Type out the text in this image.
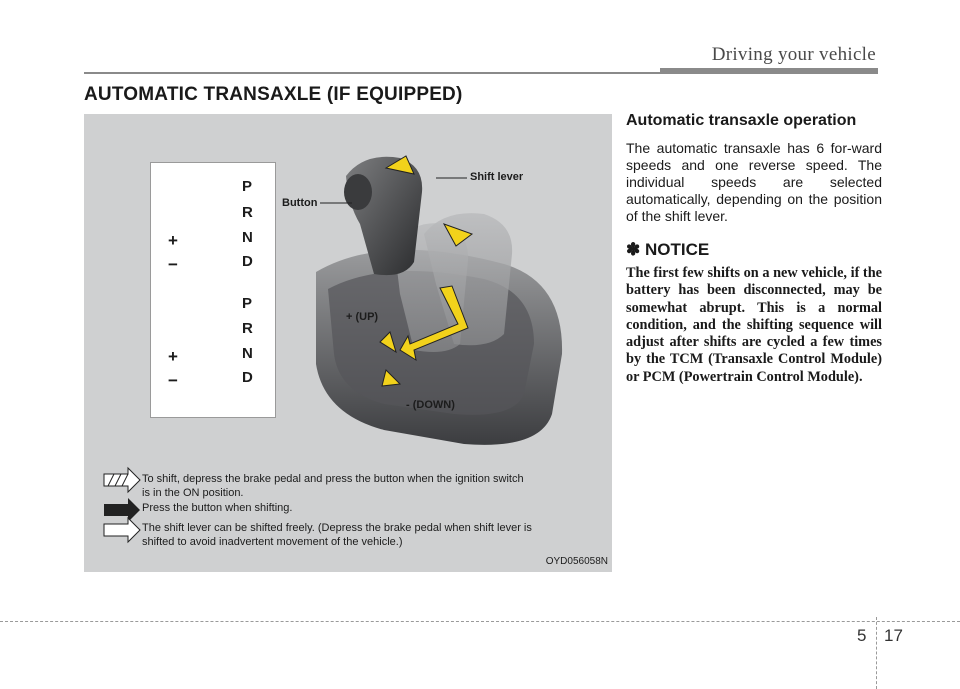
Driving your vehicle
AUTOMATIC TRANSAXLE (IF EQUIPPED)
P
R
N
D
P
R
N
D
+
−
+
−
Shift lever
Button
+ (UP)
- (DOWN)
To shift, depress the brake pedal and press the button when the ignition switch
is in the ON position.
Press the button when shifting.
The shift lever can be shifted freely. (Depress the brake pedal when shift lever is
shifted to avoid inadvertent movement of the vehicle.)
OYD056058N
Automatic transaxle operation
The automatic transaxle has 6 for-ward speeds and one reverse speed. The individual speeds are selected automatically, depending on the position of the shift lever.
✽ NOTICE
The first few shifts on a new vehicle, if the battery has been disconnected, may be somewhat abrupt. This is a normal condition, and the shifting sequence will adjust after shifts are cycled a few times by the TCM (Transaxle Control Module) or PCM (Powertrain Control Module).
5 17
